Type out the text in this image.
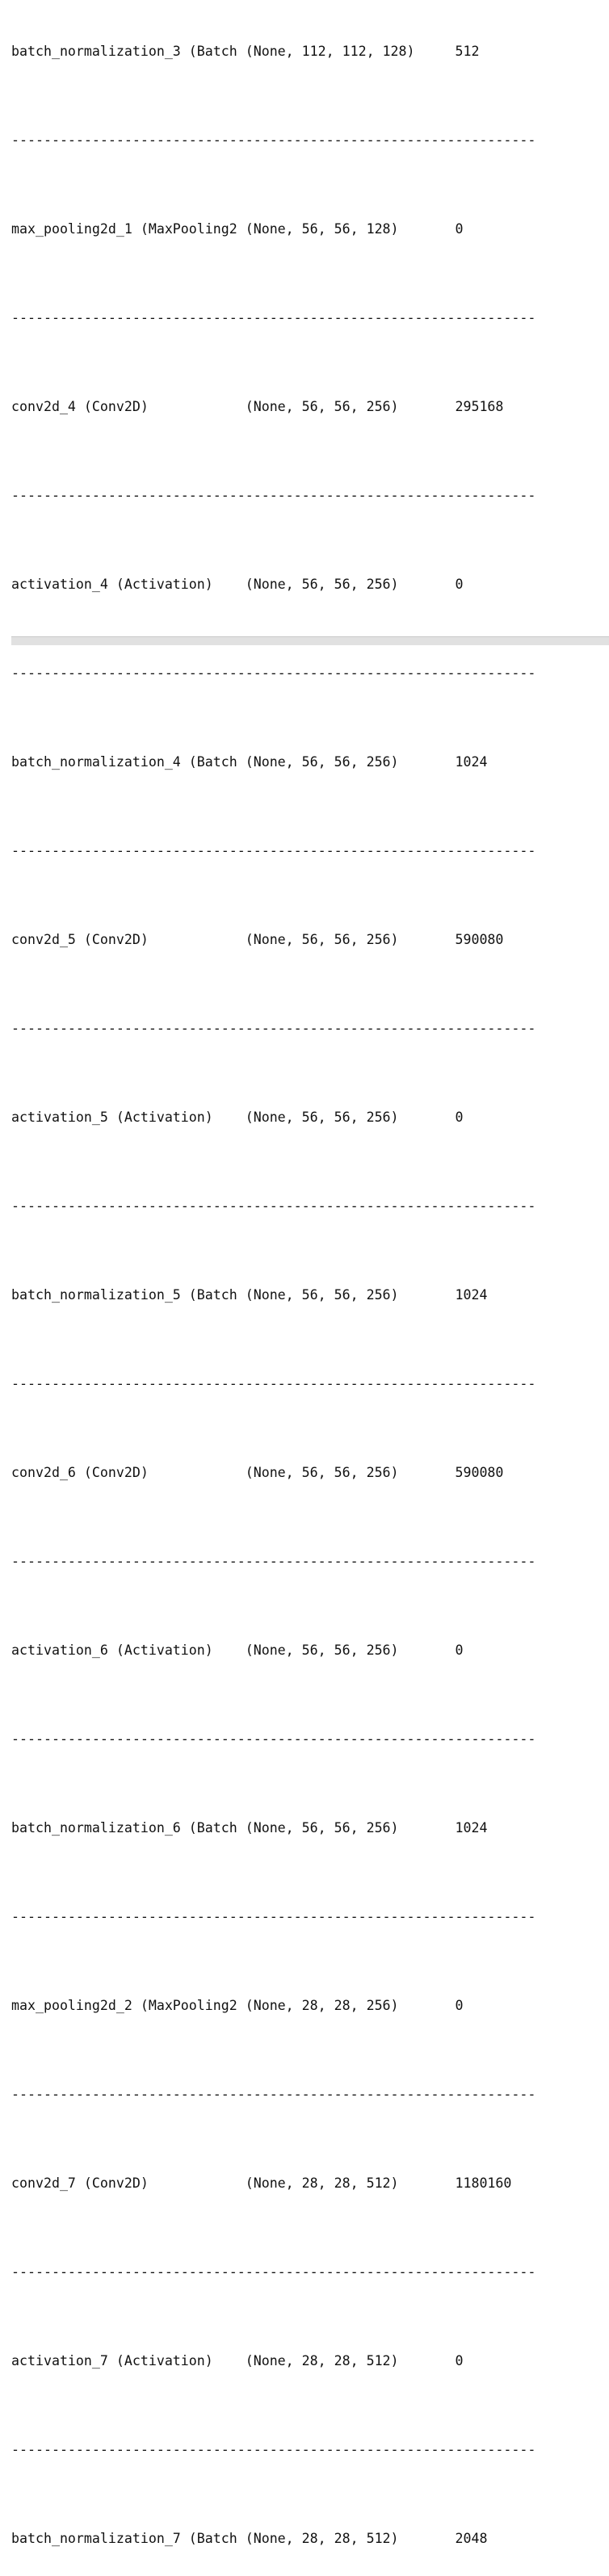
batch_normalization_3 (Batch (None, 112, 112, 128)     512

-----------------------------------------------------------------

max_pooling2d_1 (MaxPooling2 (None, 56, 56, 128)       0

-----------------------------------------------------------------

conv2d_4 (Conv2D)            (None, 56, 56, 256)       295168

-----------------------------------------------------------------

activation_4 (Activation)    (None, 56, 56, 256)       0

-----------------------------------------------------------------

batch_normalization_4 (Batch (None, 56, 56, 256)       1024

-----------------------------------------------------------------

conv2d_5 (Conv2D)            (None, 56, 56, 256)       590080

-----------------------------------------------------------------

activation_5 (Activation)    (None, 56, 56, 256)       0

-----------------------------------------------------------------

batch_normalization_5 (Batch (None, 56, 56, 256)       1024

-----------------------------------------------------------------

conv2d_6 (Conv2D)            (None, 56, 56, 256)       590080

-----------------------------------------------------------------

activation_6 (Activation)    (None, 56, 56, 256)       0

-----------------------------------------------------------------

batch_normalization_6 (Batch (None, 56, 56, 256)       1024

-----------------------------------------------------------------

max_pooling2d_2 (MaxPooling2 (None, 28, 28, 256)       0

-----------------------------------------------------------------

conv2d_7 (Conv2D)            (None, 28, 28, 512)       1180160

-----------------------------------------------------------------

activation_7 (Activation)    (None, 28, 28, 512)       0

-----------------------------------------------------------------

batch_normalization_7 (Batch (None, 28, 28, 512)       2048
